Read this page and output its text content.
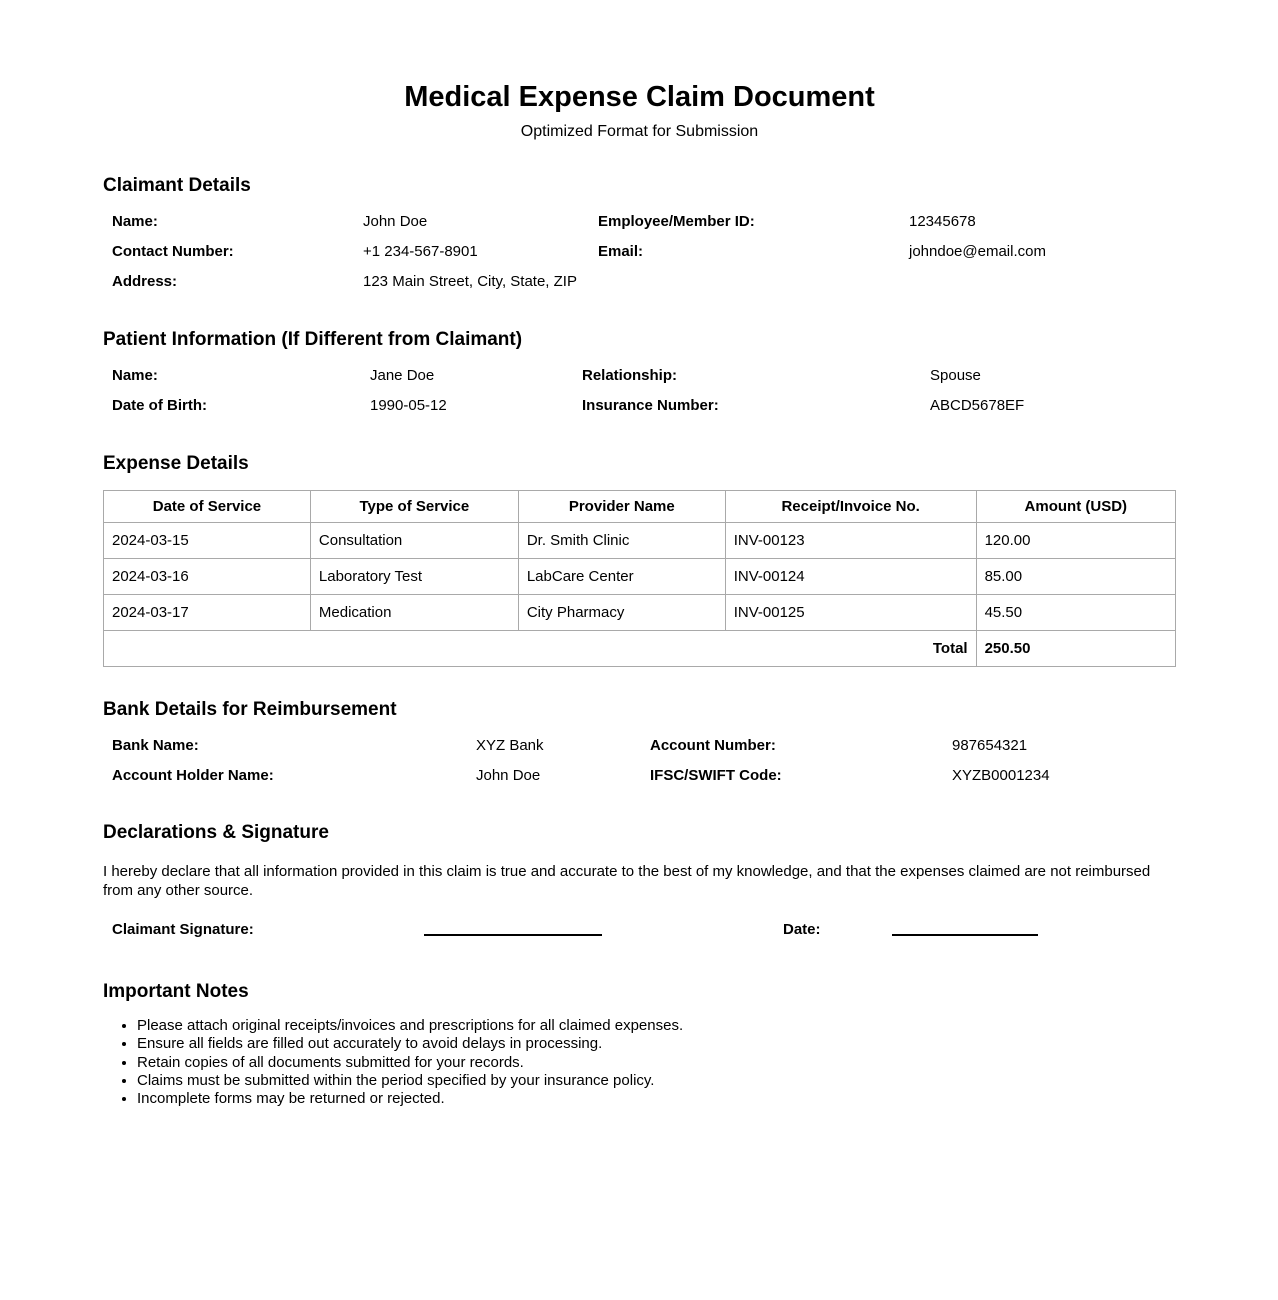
Medical Expense Claim Document

Optimized Format for Submission

Claimant Details
Name:	John Doe	Employee/Member ID:	12345678
Contact Number:	+1 234-567-8901	Email:	johndoe@email.com
Address:	123 Main Street, City, State, ZIP
Patient Information (If Different from Claimant)
Name:	Jane Doe	Relationship:	Spouse
Date of Birth:	1990-05-12	Insurance Number:	ABCD5678EF
Expense Details
Date of Service	Type of Service	Provider Name	Receipt/Invoice No.	Amount (USD)
2024-03-15	Consultation	Dr. Smith Clinic	INV-00123	120.00
2024-03-16	Laboratory Test	LabCare Center	INV-00124	85.00
2024-03-17	Medication	City Pharmacy	INV-00125	45.50
Total				250.50
Bank Details for Reimbursement
Bank Name:	XYZ Bank	Account Number:	987654321
Account Holder Name:	John Doe	IFSC/SWIFT Code:	XYZB0001234
Declarations & Signature

I hereby declare that all information provided in this claim is true and accurate to the best of my knowledge, and that the expenses claimed are not reimbursed from any other source.

Claimant Signature:	Date:
Important Notes
• Please attach original receipts/invoices and prescriptions for all claimed expenses.
• Ensure all fields are filled out accurately to avoid delays in processing.
• Retain copies of all documents submitted for your records.
• Claims must be submitted within the period specified by your insurance policy.
• Incomplete forms may be returned or rejected.
